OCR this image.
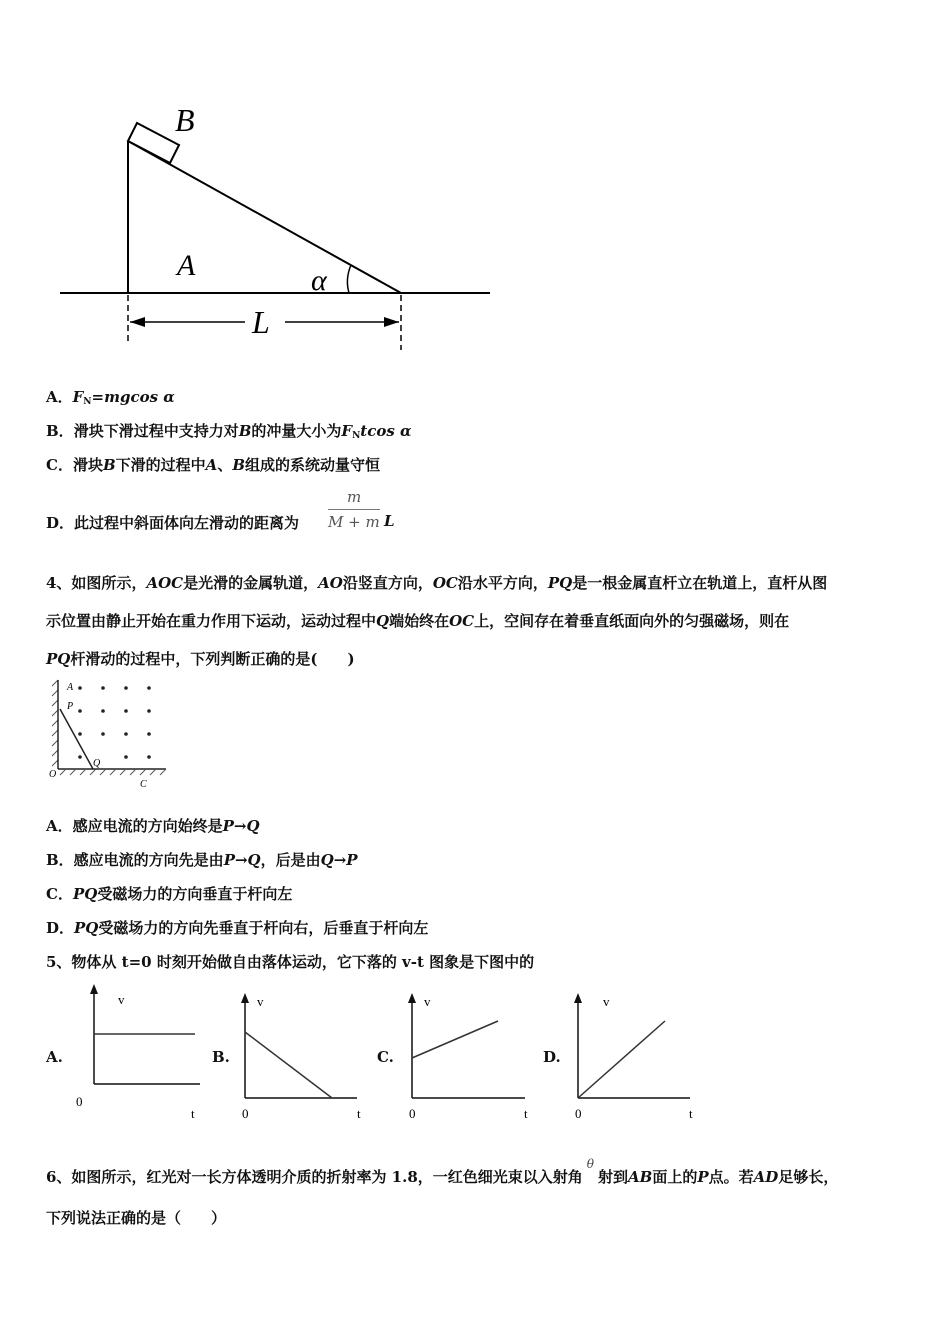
B
A	α
L
A．$F_N=mgcos$ α
B．滑块下滑过程中支持力对B的冲量大小为$F_Ntcos$ α
C．滑块B下滑的过程中A、B组成的系统动量守恒
D．此过程中斜面体向左滑动的距离为
m
M + m L
4、如图所示，AOC是光滑的金属轨道，AO沿竖直方向，OC沿水平方向，PQ是一根金属直杆立在轨道上，直杆从图
示位置由静止开始在重力作用下运动，运动过程中Q端始终在OC上，空间存在着垂直纸面向外的匀强磁场，则在
PQ杆滑动的过程中，下列判断正确的是(　　)
A
P
O
Q
C
A．感应电流的方向始终是P→Q
B．感应电流的方向先是由P→Q，后是由Q→P
C．PQ受磁场力的方向垂直于杆向左
D．PQ受磁场力的方向先垂直于杆向右，后垂直于杆向左
5、物体从 t=0 时刻开始做自由落体运动，它下落的 v-t 图象是下图中的
A.
v
0
t
B.
v
0	t
C.
v
0	t
D.
v
0	t
6、如图所示，红光对一长方体透明介质的折射率为 1.8，一红色细光束以入射角θ射到AB面上的P点。若AD足够长，
下列说法正确的是（　　）
